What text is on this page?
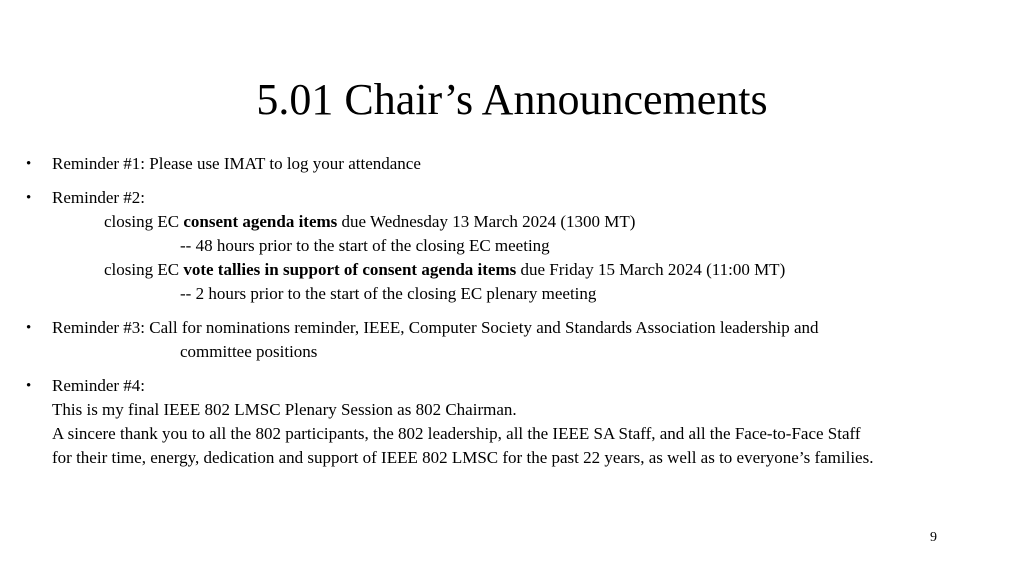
5.01 Chair’s Announcements
•	Reminder #1: Please use IMAT to log your attendance
•	Reminder #2:
closing EC consent agenda items due Wednesday 13 March 2024 (1300 MT)
-- 48 hours prior to the start of the closing EC meeting
closing EC vote tallies in support of consent agenda items due Friday 15 March 2024 (11:00 MT)
-- 2 hours prior to the start of the closing EC plenary meeting
•	Reminder #3: Call for nominations reminder, IEEE, Computer Society and Standards Association leadership and
committee positions
•	Reminder #4:
This is my final IEEE 802 LMSC Plenary Session as 802 Chairman.
A sincere thank you to all the 802 participants, the 802 leadership, all the IEEE SA Staff, and all the Face-to-Face Staff
for their time, energy, dedication and support of IEEE 802 LMSC for the past 22 years, as well as to everyone’s families.
9
